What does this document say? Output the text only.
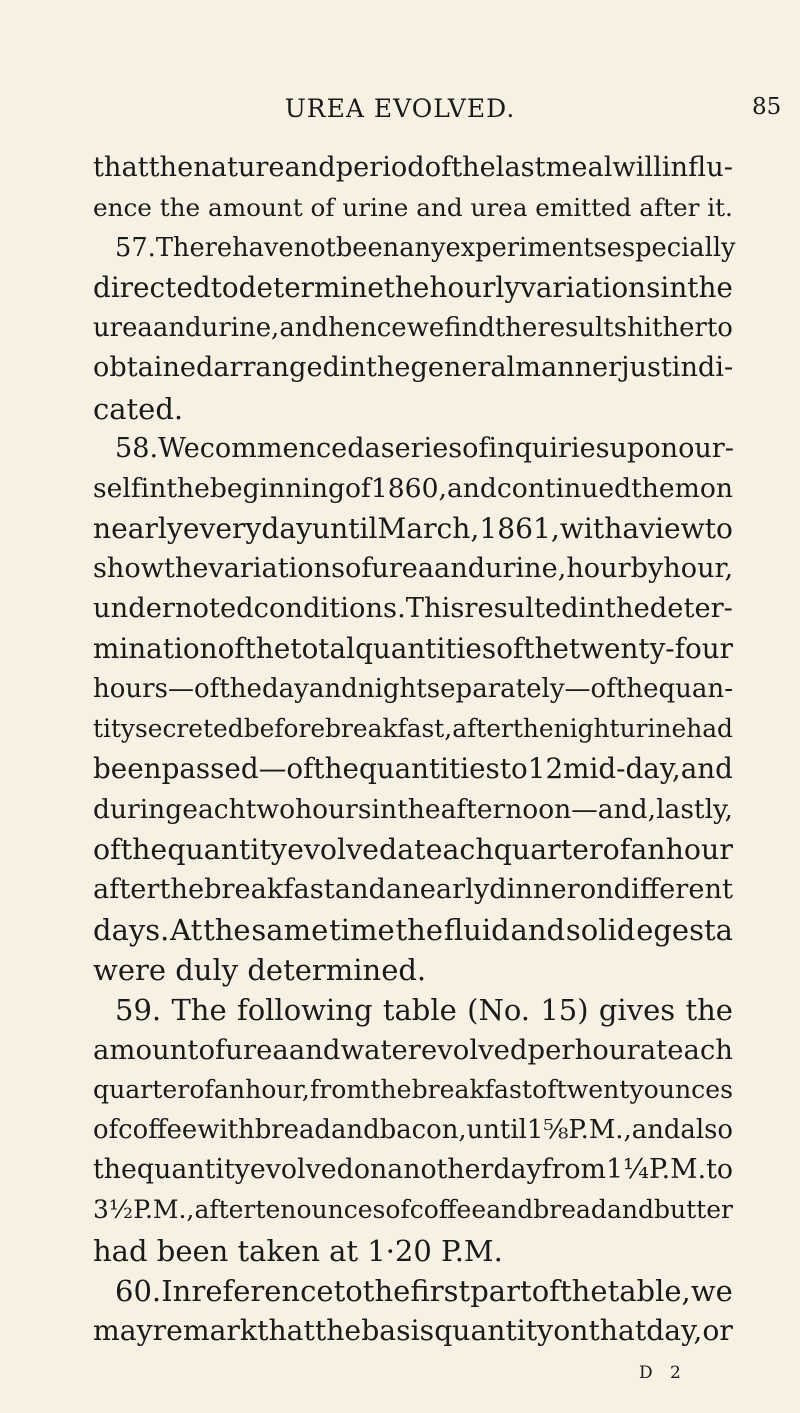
UREA EVOLVED.	85
that the nature and period of the last meal will influ-
ence the amount of urine and urea emitted after it.
57. There have not been any experiments especially
directed to determine the hourly variations in the
urea and urine, and hence we find the results hitherto
obtained arranged in the general manner just indi-
cated.
58. We commenced a series of inquiries upon our-
self in the beginning of 1860, and continued them on
nearly every day until March, 1861, with a view to
show the variations of urea and urine, hour by hour,
under noted conditions. This resulted in the deter-
mination of the total quantities of the twenty-four
hours—of the day and night separately—of the quan-
tity secreted before breakfast, after the night urine had
been passed—of the quantities to 12 mid-day, and
during each two hours in the afternoon—and, lastly,
of the quantity evolved at each quarter of an hour
after the breakfast and an early dinner on different
days. At the same time the fluid and solid egesta
were duly determined.
59. The following table (No. 15) gives the
amount of urea and water evolved per hour at each
quarter of an hour, from the breakfast of twenty ounces
of coffee with bread and bacon, until 1⅝ P.M., and also
the quantity evolved on another day from 1¼ P.M. to
3½ P.M., after ten ounces of coffee and bread and butter
had been taken at 1·20 P.M.
60. In reference to the first part of the table, we
may remark that the basis quantity on that day, or
D 2
